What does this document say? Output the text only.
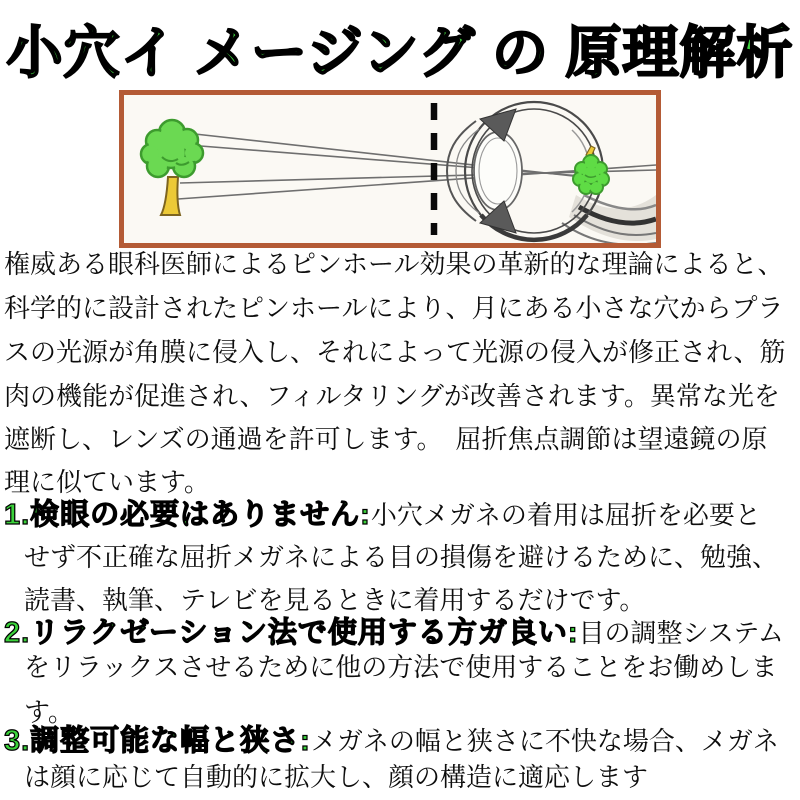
小穴イ メージング の 原理解析
権威ある眼科医師によるピンホール効果の革新的な理論によると、
科学的に設計されたピンホールにより、月にある小さな穴からプラ
スの光源が角膜に侵入し、それによって光源の侵入が修正され、筋
肉の機能が促進され、フィルタリングが改善されます。異常な光を
遮断し、レンズの通過を許可します。　屈折焦点調節は望遠鏡の原
理に似ています。
1.検眼の必要はありません:小穴メガネの着用は屈折を必要と
せず不正確な屈折メガネによる目の損傷を避けるために、勉強、
読書、執筆、テレビを見るときに着用するだけです。
2.リラクゼーション法で使用する方ガ良い:目の調整システム
をリラックスさせるために他の方法で使用することをお働めしま
す。
3.調整可能な幅と狭さ:メガネの幅と狭さに不快な場合、メガネ
は顔に応じて自動的に拡大し、顔の構造に適応します
